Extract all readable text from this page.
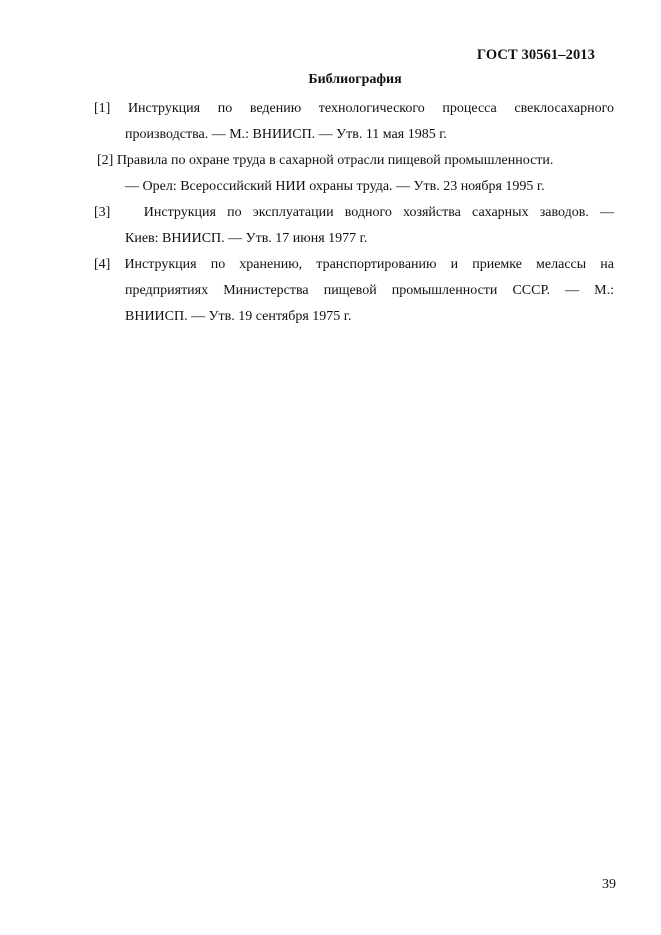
ГОСТ 30561–2013
Библиография
[1] Инструкция по ведению технологического процесса свеклосахарного
производства. — М.: ВНИИСП. — Утв. 11 мая 1985 г.
[2] Правила по охране труда в сахарной отрасли пищевой промышленности.
— Орел: Всероссийский НИИ охраны труда. — Утв. 23 ноября 1995 г.
[3]   Инструкция по эксплуатации водного хозяйства сахарных заводов. —
Киев: ВНИИСП. — Утв. 17 июня 1977 г.
[4] Инструкция по хранению, транспортированию и приемке мелассы на
предприятиях Министерства пищевой промышленности СССР. — М.:
ВНИИСП. — Утв. 19 сентября 1975 г.
39
